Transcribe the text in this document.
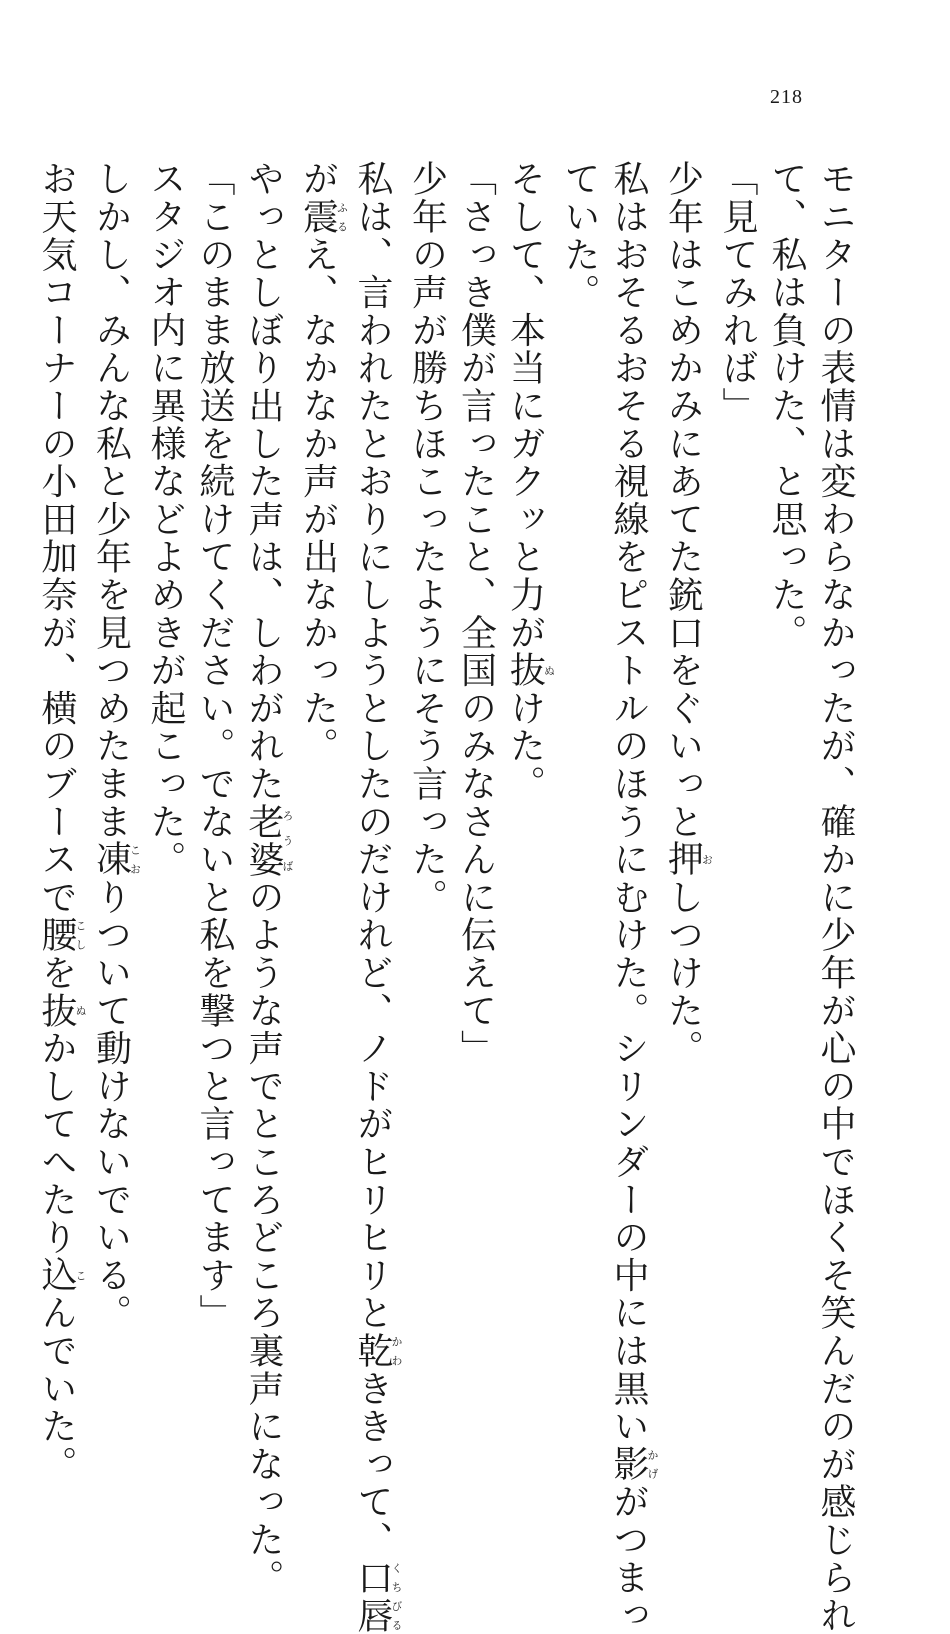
218
モニターの表情は変わらなかったが、確かに少年が心の中でほくそ笑んだのが感じられ
て、私は負けた、と思った。
「見てみれば」
少年はこめかみにあてた銃口をぐいっと押おしつけた。
私はおそるおそる視線をピストルのほうにむけた。シリンダーの中には黒い影かげがつまっ
ていた。
そして、本当にガクッと力が抜ぬけた。
「さっき僕が言ったこと、全国のみなさんに伝えて」
少年の声が勝ちほこったようにそう言った。
私は、言われたとおりにしようとしたのだけれど、ノドがヒリヒリと乾かわききって、口唇くちびる
が震ふるえ、なかなか声が出なかった。
やっとしぼり出した声は、しわがれた老婆ろうばのような声でところどころ裏声になった。
「このまま放送を続けてください。でないと私を撃つと言ってます」
スタジオ内に異様などよめきが起こった。
しかし、みんな私と少年を見つめたまま凍こおりついて動けないでいる。
お天気コーナーの小田加奈が、横のブースで腰こしを抜ぬかしてへたり込こんでいた。
